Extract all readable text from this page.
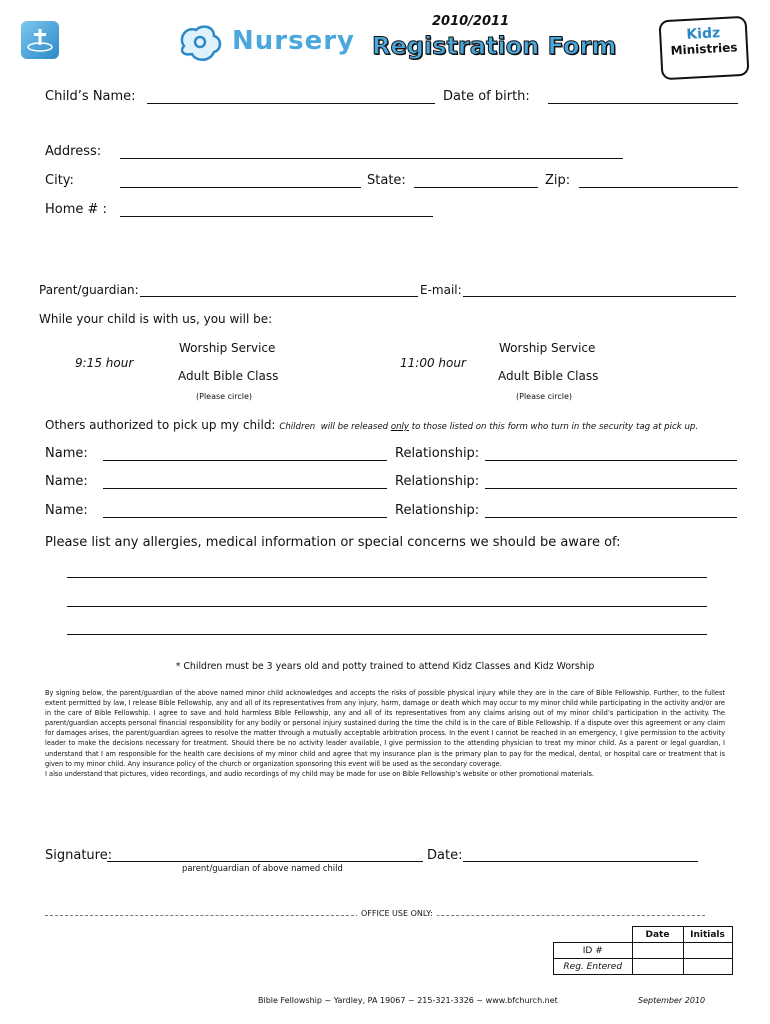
Nursery
2010/2011
Registration Form	Kidz
Ministries
Child’s Name:	Date of birth:
Address:
City:	State:	Zip:
Home # :
Parent/guardian:	E-mail:
While your child is with us, you will be:
9:15 hour
Worship Service
Adult Bible Class
(Please circle)
11:00 hour
Worship Service
Adult Bible Class
(Please circle)
Others authorized to pick up my child: Children  will be released only to those listed on this form who turn in the security tag at pick up.
Name:	Relationship:
Name:	Relationship:
Name:	Relationship:
Please list any allergies, medical information or special concerns we should be aware of:
* Children must be 3 years old and potty trained to attend Kidz Classes and Kidz Worship

By signing below, the parent/guardian of the above named minor child acknowledges and accepts the risks of possible physical injury while they are in the care of Bible Fellowship. Further, to the fullest extent permitted by law, I release Bible Fellowship, any and all of its representatives from any injury, harm, damage or death which may occur to my minor child while participating in the activity and/or are in the care of Bible Fellowship. I agree to save and hold harmless Bible Fellowship, any and all of its representatives from any claims arising out of my minor child’s participation in the activity. The parent/guardian accepts personal financial responsibility for any bodily or personal injury sustained during the time the child is in the care of Bible Fellowship. If a dispute over this agreement or any claim for damages arises, the parent/guardian agrees to resolve the matter through a mutually acceptable arbitration process. In the event I cannot be reached in an emergency, I give permission to the activity leader to make the decisions necessary for treatment. Should there be no activity leader available, I give permission to the attending physician to treat my minor child. As a parent or legal guardian, I understand that I am responsible for the health care decisions of my minor child and agree that my insurance plan is the primary plan to pay for the medical, dental, or hospital care or treatment that is given to my minor child. Any insurance policy of the church or organization sponsoring this event will be used as the secondary coverage.

I also understand that pictures, video recordings, and audio recordings of my child may be made for use on Bible Fellowship’s website or other promotional materials.

Signature:
parent/guardian of above named child
Date:
OFFICE USE ONLY:
	Date	Initials
ID #		
Reg. Entered		
Bible Fellowship ~ Yardley, PA 19067 ~ 215-321-3326 ~ www.bfchurch.net	September 2010
